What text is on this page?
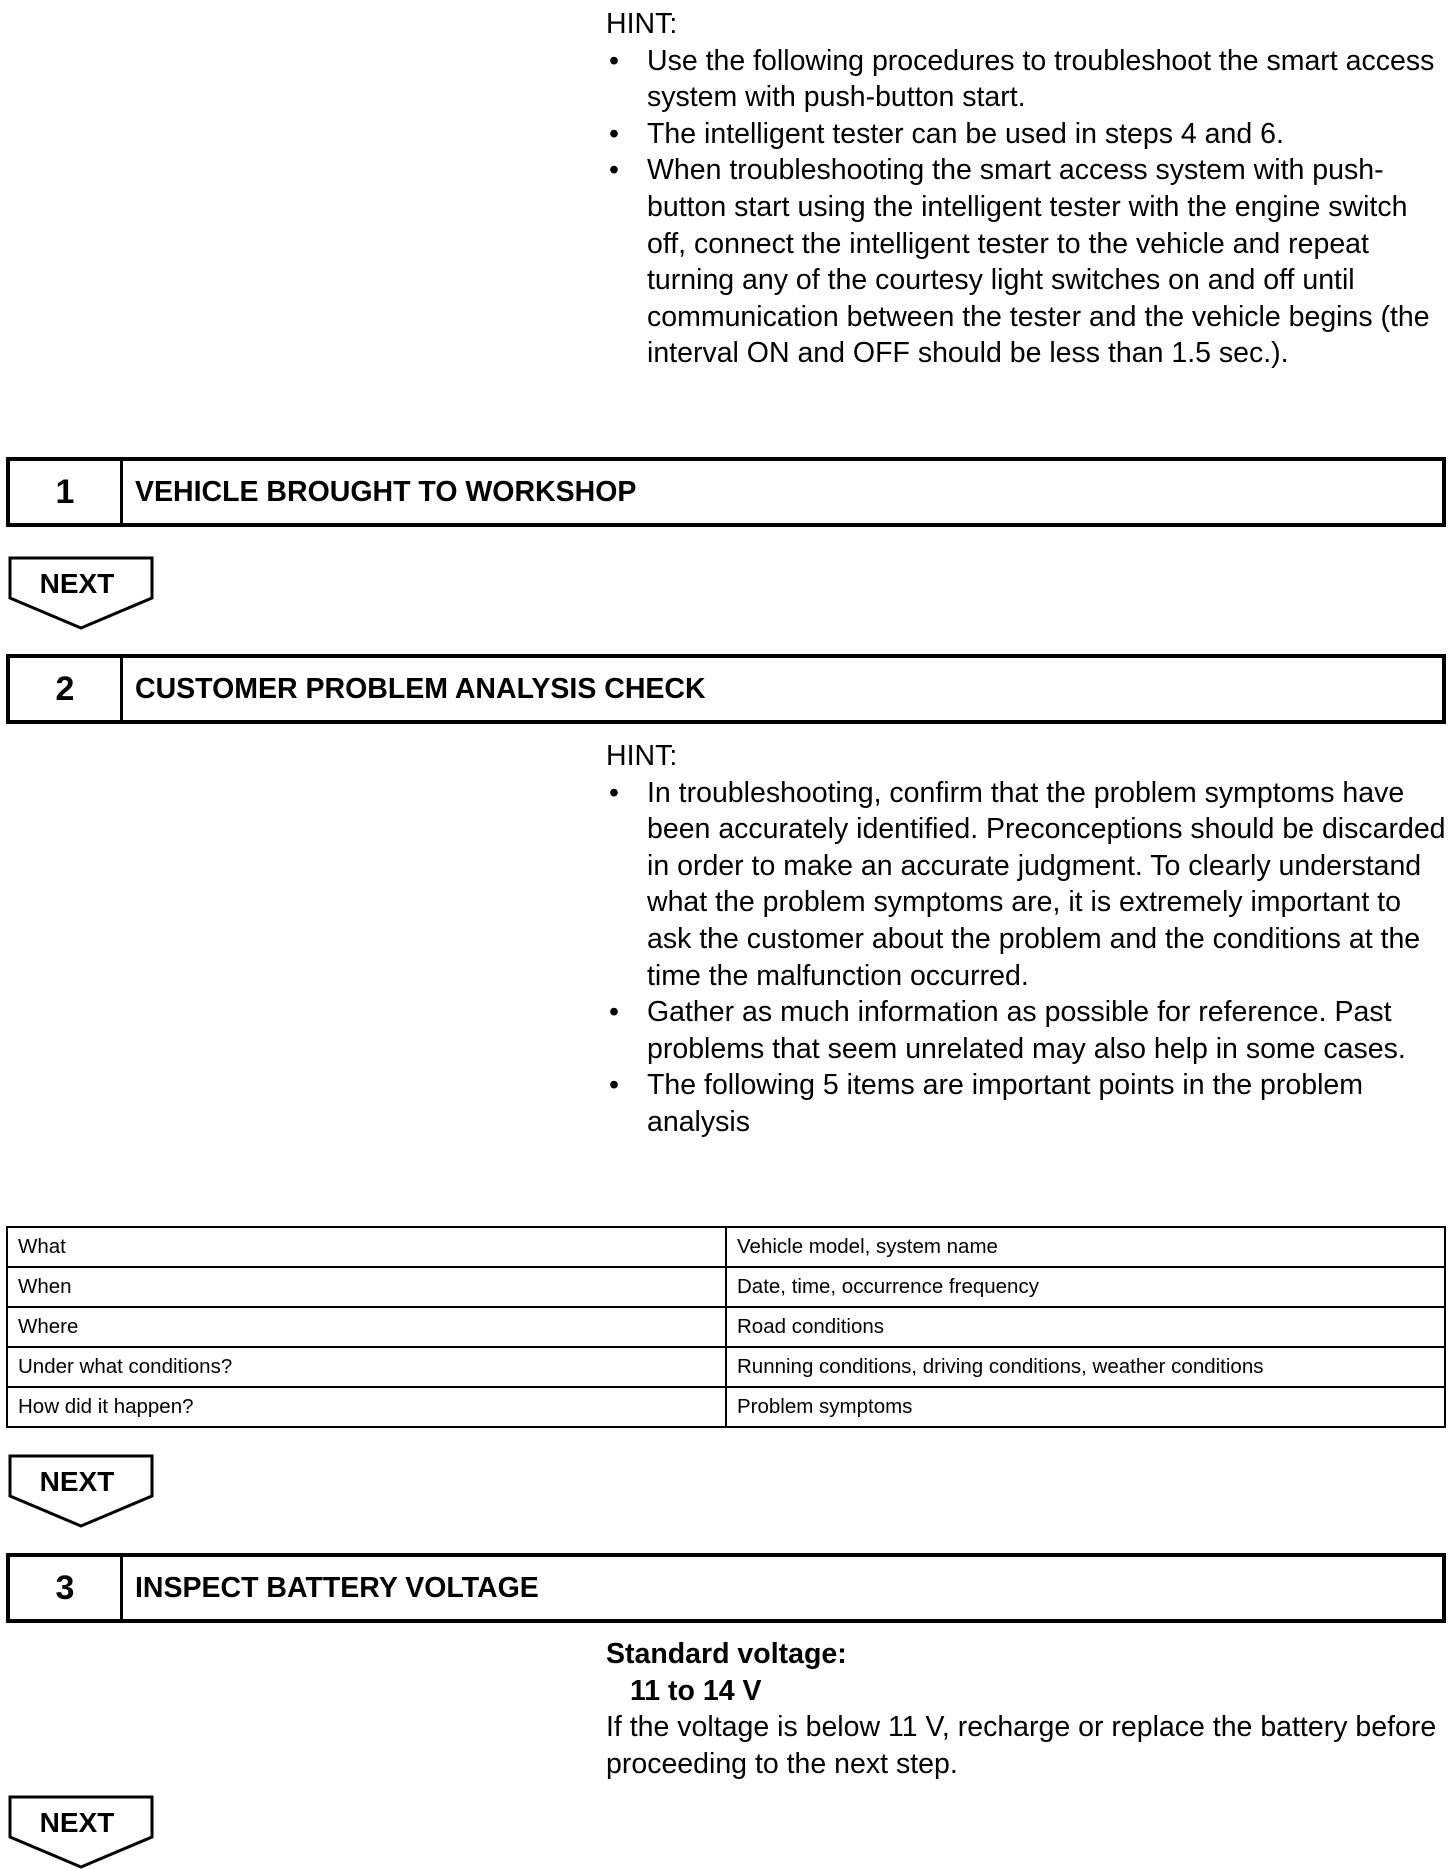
HINT:
• Use the following procedures to troubleshoot the smart access system with push-button start.
• The intelligent tester can be used in steps 4 and 6.
• When troubleshooting the smart access system with push-button start using the intelligent tester with the engine switch off, connect the intelligent tester to the vehicle and repeat turning any of the courtesy light switches on and off until communication between the tester and the vehicle begins (the interval ON and OFF should be less than 1.5 sec.).
1	VEHICLE BROUGHT TO WORKSHOP
NEXT
2	CUSTOMER PROBLEM ANALYSIS CHECK
HINT:
• In troubleshooting, confirm that the problem symptoms have been accurately identified. Preconceptions should be discarded in order to make an accurate judgment. To clearly understand what the problem symptoms are, it is extremely important to ask the customer about the problem and the conditions at the time the malfunction occurred.
• Gather as much information as possible for reference. Past problems that seem unrelated may also help in some cases.
• The following 5 items are important points in the problem analysis
What	Vehicle model, system name
When	Date, time, occurrence frequency
Where	Road conditions
Under what conditions?	Running conditions, driving conditions, weather conditions
How did it happen?	Problem symptoms
NEXT
3	INSPECT BATTERY VOLTAGE
Standard voltage:
11 to 14 V
If the voltage is below 11 V, recharge or replace the battery before proceeding to the next step.
NEXT
